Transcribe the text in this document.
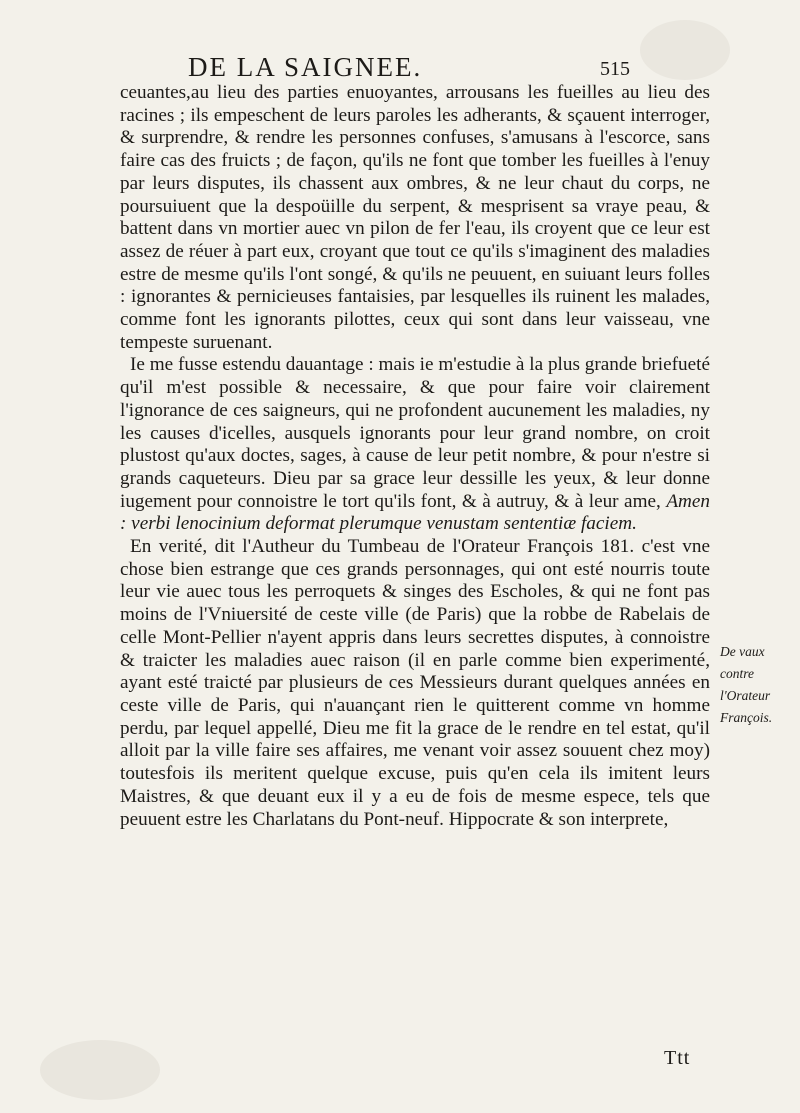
DE LA SAIGNEE.	515

ceuantes,au lieu des parties enuoyantes, arrousans les fueilles au lieu des racines ; ils empeschent de leurs paroles les adherants, & sçauent interroger, & surprendre, & rendre les personnes confuses, s'amusans à l'escorce, sans faire cas des fruicts ; de façon, qu'ils ne font que tomber les fueilles à l'enuy par leurs disputes, ils chassent aux ombres, & ne leur chaut du corps, ne poursuiuent que la despoüille du serpent, & mesprisent sa vraye peau, & battent dans vn mortier auec vn pilon de fer l'eau, ils croyent que ce leur est assez de réuer à part eux, croyant que tout ce qu'ils s'imaginent des maladies estre de mesme qu'ils l'ont songé, & qu'ils ne peuuent, en suiuant leurs folles : ignorantes & pernicieuses fantaisies, par lesquelles ils ruinent les malades, comme font les ignorants pilottes, ceux qui sont dans leur vaisseau, vne tempeste suruenant.

Ie me fusse estendu dauantage : mais ie m'estudie à la plus grande briefueté qu'il m'est possible & necessaire, & que pour faire voir clairement l'ignorance de ces saigneurs, qui ne profondent aucunement les maladies, ny les causes d'icelles, ausquels ignorants pour leur grand nombre, on croit plustost qu'aux doctes, sages, à cause de leur petit nombre, & pour n'estre si grands caqueteurs. Dieu par sa grace leur dessille les yeux, & leur donne iugement pour connoistre le tort qu'ils font, & à autruy, & à leur ame, Amen : verbi lenocinium deformat plerumque venustam sententiæ faciem.

En verité, dit l'Autheur du Tumbeau de l'Orateur François 181. c'est vne chose bien estrange que ces grands personnages, qui ont esté nourris toute leur vie auec tous les perroquets & singes des Escholes, & qui ne font pas moins de l'Vniuersité de ceste ville (de Paris) que la robbe de Rabelais de celle Mont-Pellier n'ayent appris dans leurs secrettes disputes, à connoistre & traicter les maladies auec raison (il en parle comme bien experimenté, ayant esté traicté par plusieurs de ces Messieurs durant quelques années en ceste ville de Paris, qui n'auançant rien le quitterent comme vn homme perdu, par lequel appellé, Dieu me fit la grace de le rendre en tel estat, qu'il alloit par la ville faire ses affaires, me venant voir assez souuent chez moy) toutesfois ils meritent quelque excuse, puis qu'en cela ils imitent leurs Maistres, & que deuant eux il y a eu de fois de mesme espece, tels que peuuent estre les Charlatans du Pont-neuf. Hippocrate & son interprete,

De vaux contre l'Orateur François.
Ttt
